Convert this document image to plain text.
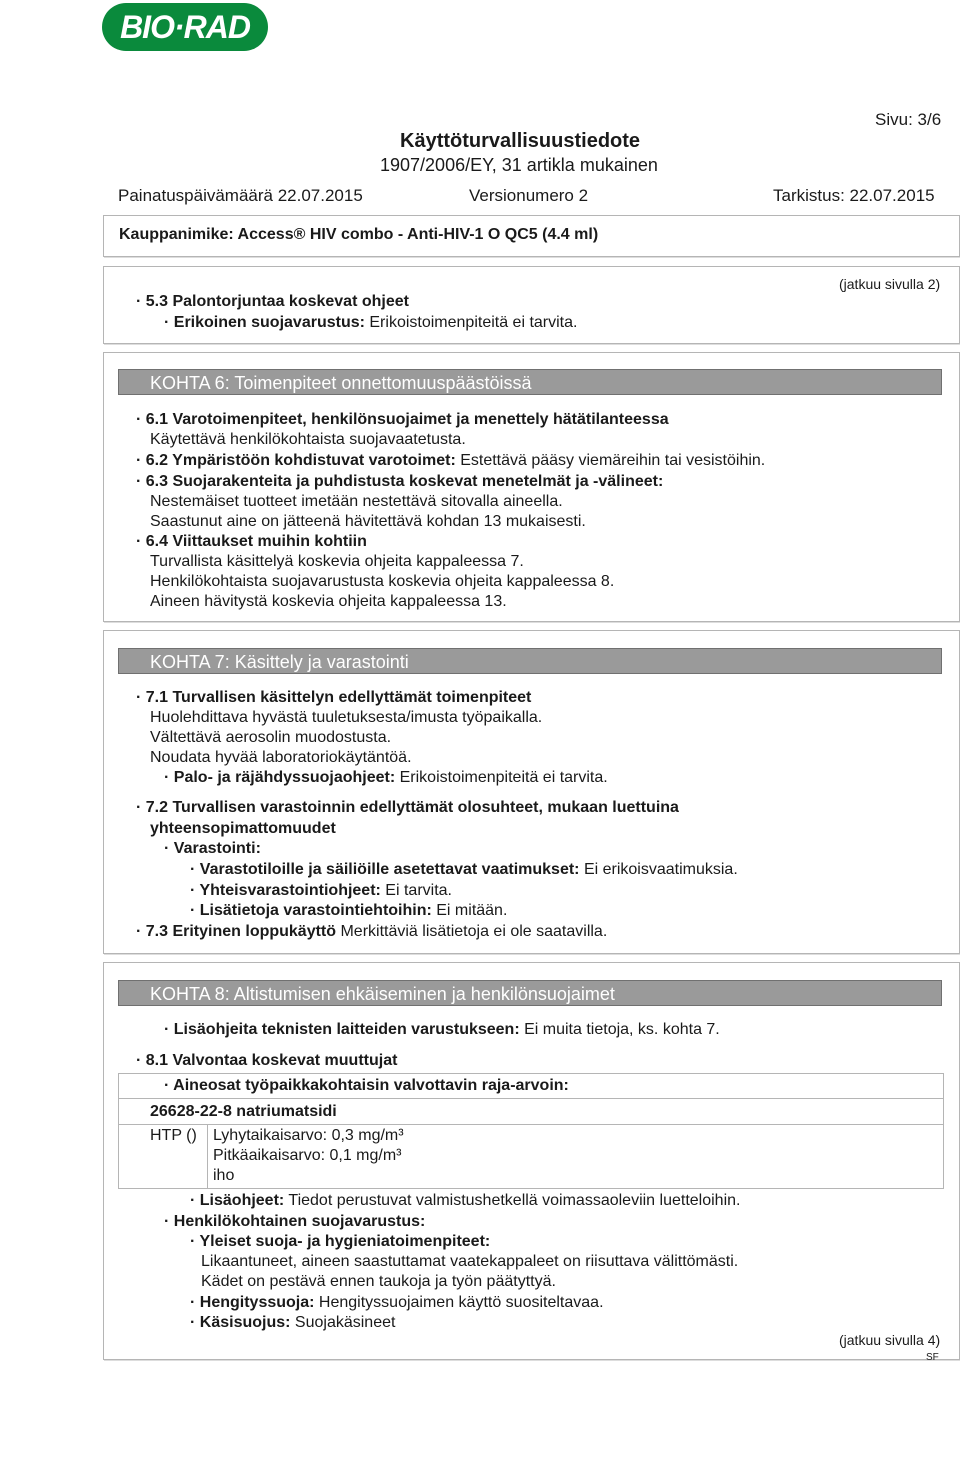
BIO·RAD
Sivu: 3/6
Käyttöturvallisuustiedote
1907/2006/EY, 31 artikla mukainen
Painatuspäivämäärä 22.07.2015	Versionumero 2	Tarkistus: 22.07.2015
Kauppanimike: Access® HIV combo - Anti-HIV-1 O QC5 (4.4 ml)
(jatkuu sivulla 2)
· 5.3 Palontorjuntaa koskevat ohjeet
· Erikoinen suojavarustus: Erikoistoimenpiteitä ei tarvita.
KOHTA 6: Toimenpiteet onnettomuuspäästöissä
· 6.1 Varotoimenpiteet, henkilönsuojaimet ja menettely hätätilanteessa
Käytettävä henkilökohtaista suojavaatetusta.
· 6.2 Ympäristöön kohdistuvat varotoimet: Estettävä pääsy viemäreihin tai vesistöihin.
· 6.3 Suojarakenteita ja puhdistusta koskevat menetelmät ja -välineet:
Nestemäiset tuotteet imetään nestettävä sitovalla aineella.
Saastunut aine on jätteenä hävitettävä kohdan 13 mukaisesti.
· 6.4 Viittaukset muihin kohtiin
Turvallista käsittelyä koskevia ohjeita kappaleessa 7.
Henkilökohtaista suojavarustusta koskevia ohjeita kappaleessa 8.
Aineen hävitystä koskevia ohjeita kappaleessa 13.
KOHTA 7: Käsittely ja varastointi
· 7.1 Turvallisen käsittelyn edellyttämät toimenpiteet
Huolehdittava hyvästä tuuletuksesta/imusta työpaikalla.
Vältettävä aerosolin muodostusta.
Noudata hyvää laboratoriokäytäntöä.
· Palo- ja räjähdyssuojaohjeet: Erikoistoimenpiteitä ei tarvita.
· 7.2 Turvallisen varastoinnin edellyttämät olosuhteet, mukaan luettuina
yhteensopimattomuudet
· Varastointi:
· Varastotiloille ja säiliöille asetettavat vaatimukset: Ei erikoisvaatimuksia.
· Yhteisvarastointiohjeet: Ei tarvita.
· Lisätietoja varastointiehtoihin: Ei mitään.
· 7.3 Erityinen loppukäyttö Merkittäviä lisätietoja ei ole saatavilla.
KOHTA 8: Altistumisen ehkäiseminen ja henkilönsuojaimet
· Lisäohjeita teknisten laitteiden varustukseen: Ei muita tietoja, ks. kohta 7.
· 8.1 Valvontaa koskevat muuttujat
· Aineosat työpaikkakohtaisin valvottavin raja-arvoin:
26628-22-8 natriumatsidi
HTP () Lyhytaikaisarvo: 0,3 mg/m³
Pitkäaikaisarvo: 0,1 mg/m³
iho
· Lisäohjeet: Tiedot perustuvat valmistushetkellä voimassaoleviin luetteloihin.
· Henkilökohtainen suojavarustus:
· Yleiset suoja- ja hygieniatoimenpiteet:
Likaantuneet, aineen saastuttamat vaatekappaleet on riisuttava välittömästi.
Kädet on pestävä ennen taukoja ja työn päätyttyä.
· Hengityssuoja: Hengityssuojaimen käyttö suositeltavaa.
· Käsisuojus: Suojakäsineet
(jatkuu sivulla 4)
SF
